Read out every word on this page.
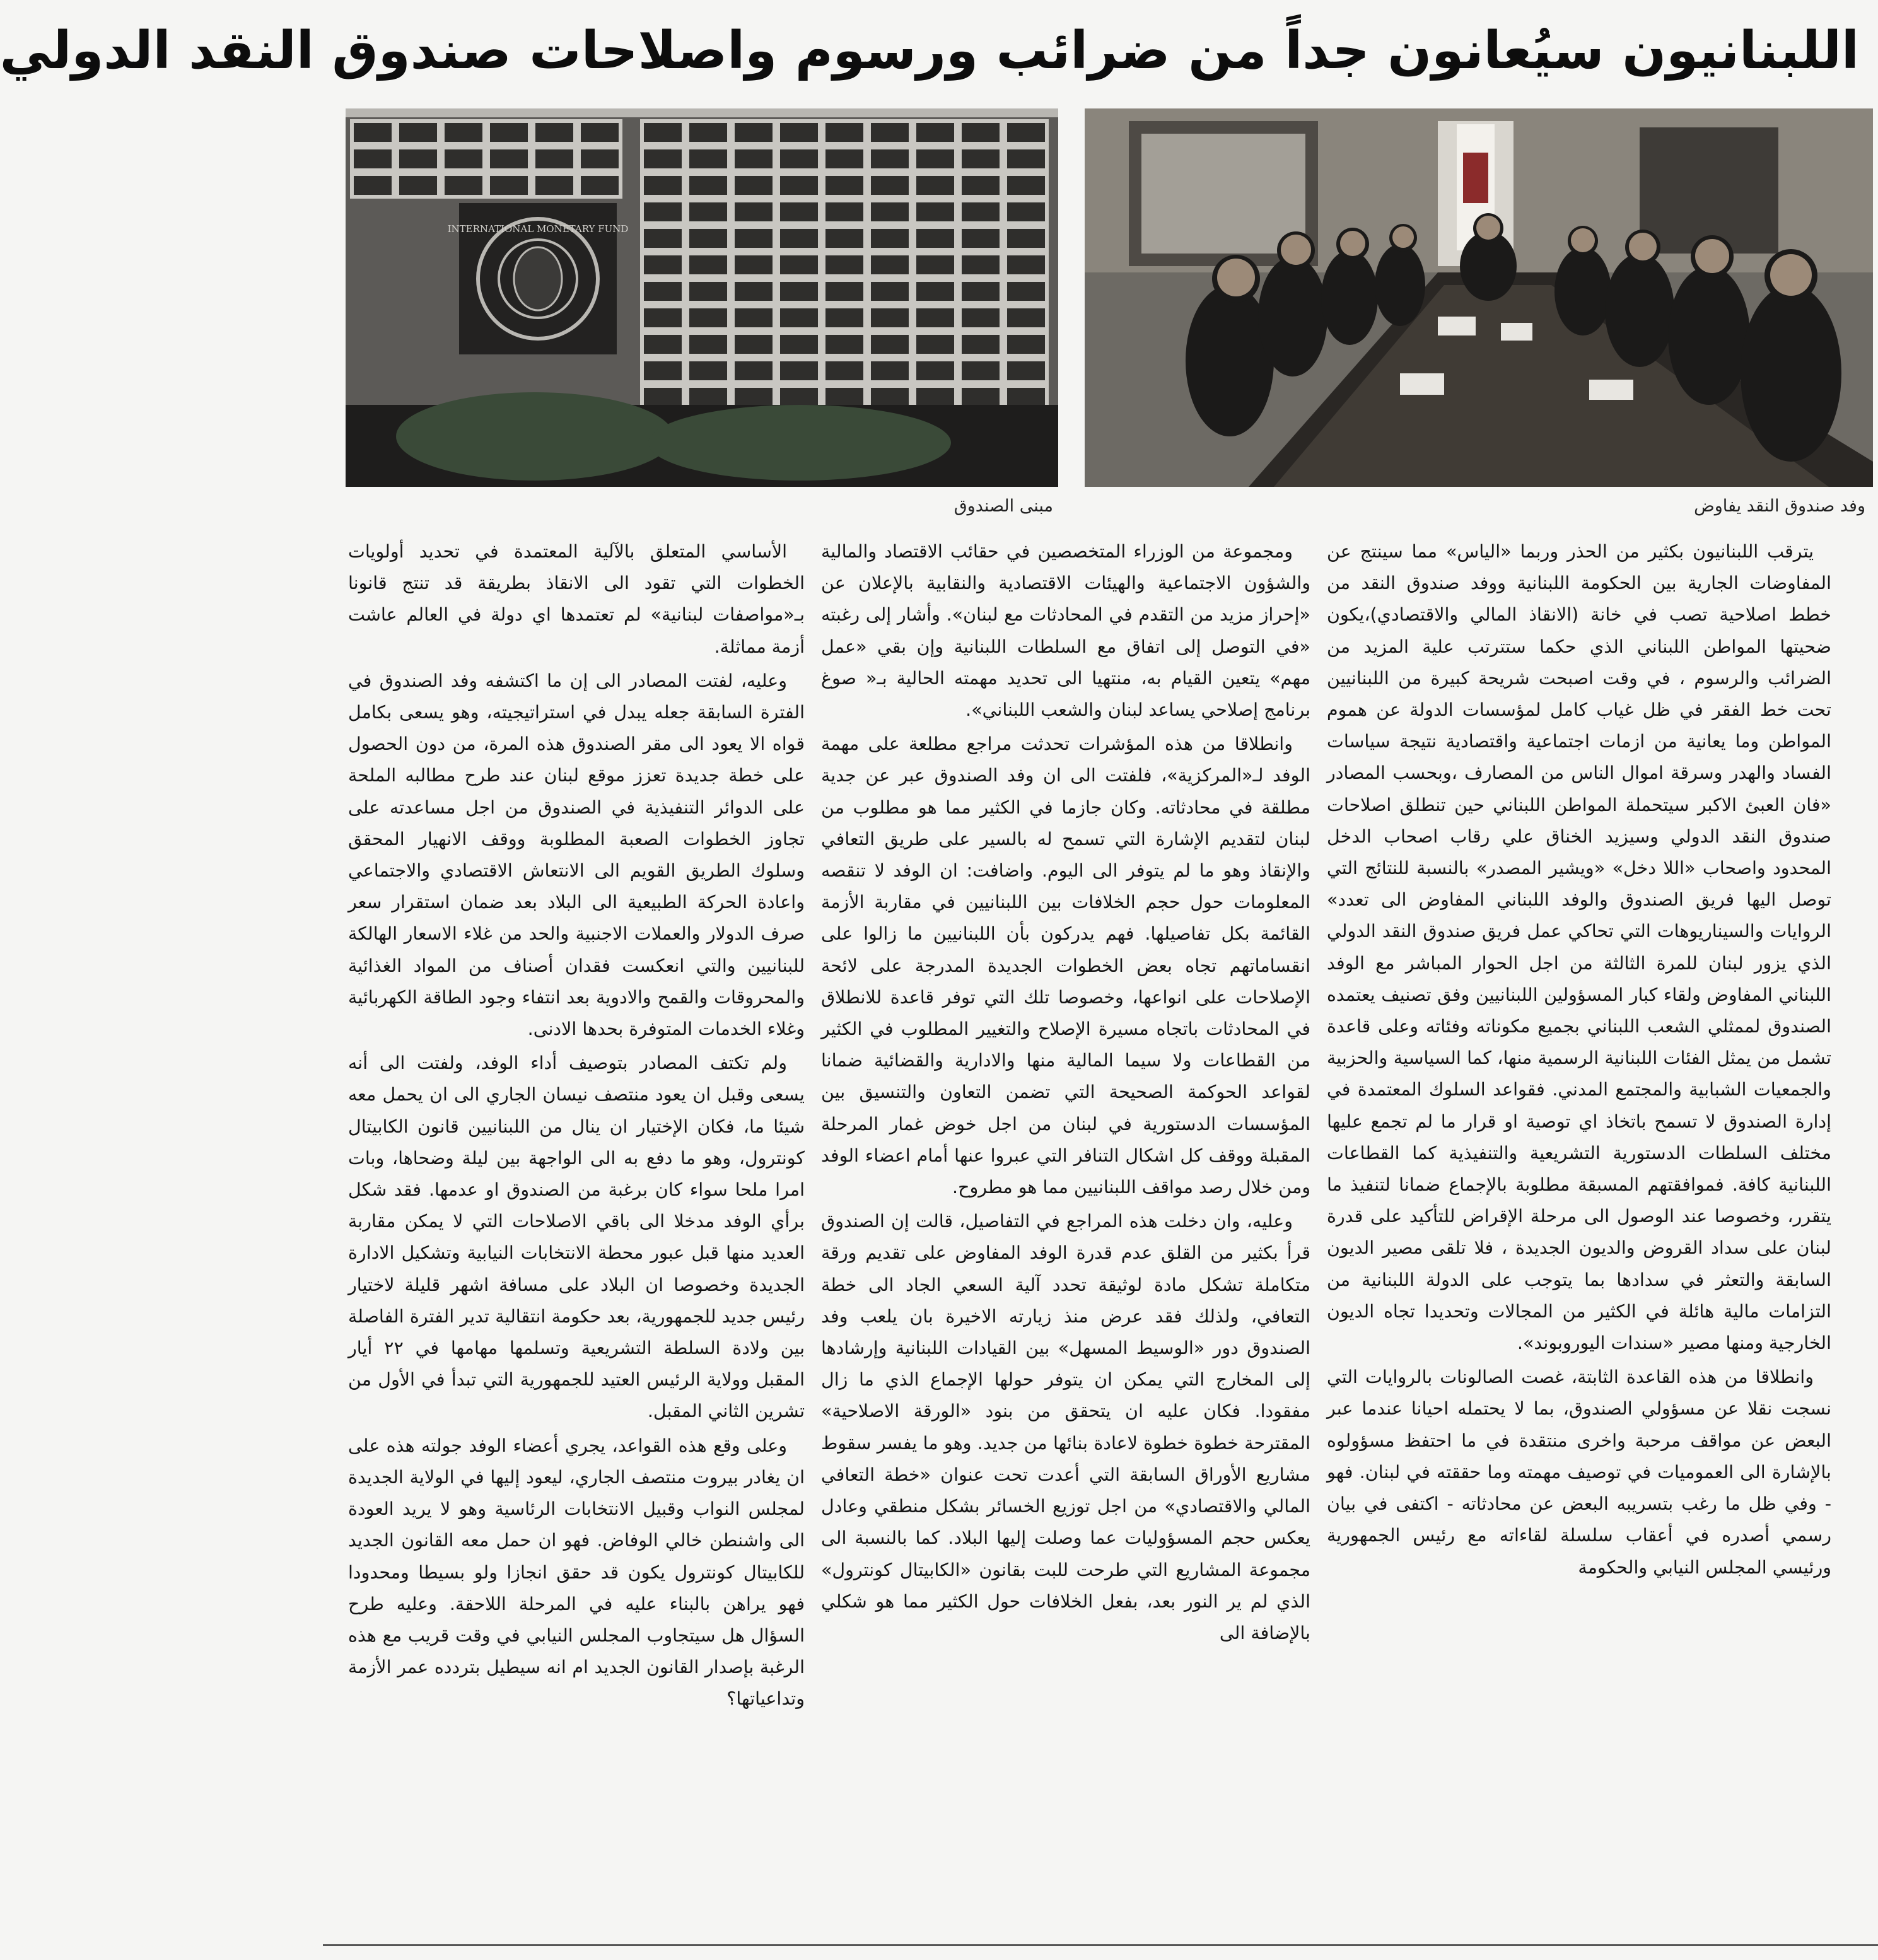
اللبنانيون سيُعانون جداً من ضرائب ورسوم واصلاحات صندوق النقد الدولي
INTERNATIONAL MONETARY FUND
وفد صندوق النقد يفاوض
مبنى الصندوق

يترقب اللبنانيون بكثير من الحذر وربما «الياس» مما سينتج عن المفاوضات الجارية بين الحكومة اللبنانية ووفد صندوق النقد من خطط اصلاحية تصب في خانة (الانقاذ المالي والاقتصادي)،يكون ضحيتها المواطن اللبناني الذي حكما ستترتب علية المزيد من الضرائب والرسوم ، في وقت اصبحت شريحة كبيرة من اللبنانيين تحت خط الفقر في ظل غياب كامل لمؤسسات الدولة عن هموم المواطن وما يعانية من ازمات اجتماعية واقتصادية نتيجة سياسات الفساد والهدر وسرقة اموال الناس من المصارف ،وبحسب المصادر «فان العبئ الاكبر سيتحملة المواطن اللبناني حين تنطلق اصلاحات صندوق النقد الدولي وسيزيد الخناق علي رقاب اصحاب الدخل المحدود واصحاب «اللا دخل» «ويشير المصدر» بالنسبة للنتائج التي توصل اليها فريق الصندوق والوفد اللبناني المفاوض الى تعدد» الروايات والسيناريوهات التي تحاكي عمل فريق صندوق النقد الدولي الذي يزور لبنان للمرة الثالثة من اجل الحوار المباشر مع الوفد اللبناني المفاوض ولقاء كبار المسؤولين اللبنانيين وفق تصنيف يعتمده الصندوق لممثلي الشعب اللبناني بجميع مكوناته وفئاته وعلى قاعدة تشمل من يمثل الفئات اللبنانية الرسمية منها، كما السياسية والحزبية والجمعيات الشبابية والمجتمع المدني. فقواعد السلوك المعتمدة في إدارة الصندوق لا تسمح باتخاذ اي توصية او قرار ما لم تجمع عليها مختلف السلطات الدستورية التشريعية والتنفيذية كما القطاعات اللبنانية كافة. فموافقتهم المسبقة مطلوبة بالإجماع ضمانا لتنفيذ ما يتقرر، وخصوصا عند الوصول الى مرحلة الإقراض للتأكيد على قدرة لبنان على سداد القروض والديون الجديدة ، فلا تلقى مصير الديون السابقة والتعثر في سدادها بما يتوجب على الدولة اللبنانية من التزامات مالية هائلة في الكثير من المجالات وتحديدا تجاه الديون الخارجية ومنها مصير «سندات اليوروبوند».

وانطلاقا من هذه القاعدة الثابتة، غصت الصالونات بالروايات التي نسجت نقلا عن مسؤولي الصندوق، بما لا يحتمله احيانا عندما عبر البعض عن مواقف مرحبة واخرى منتقدة في ما احتفظ مسؤولوه بالإشارة الى العموميات في توصيف مهمته وما حققته في لبنان. فهو - وفي ظل ما رغب بتسريبه البعض عن محادثاته - اكتفى في بيان رسمي أصدره في أعقاب سلسلة لقاءاته مع رئيس الجمهورية ورئيسي المجلس النيابي والحكومة

ومجموعة من الوزراء المتخصصين في حقائب الاقتصاد والمالية والشؤون الاجتماعية والهيئات الاقتصادية والنقابية بالإعلان عن «إحراز مزيد من التقدم في المحادثات مع لبنان». وأشار إلى رغبته «في التوصل إلى اتفاق مع السلطات اللبنانية وإن بقي «عمل مهم» يتعين القيام به، منتهيا الى تحديد مهمته الحالية بـ« صوغ برنامج إصلاحي يساعد لبنان والشعب اللبناني».

وانطلاقا من هذه المؤشرات تحدثت مراجع مطلعة على مهمة الوفد لـ«المركزية»، فلفتت الى ان وفد الصندوق عبر عن جدية مطلقة في محادثاته. وكان جازما في الكثير مما هو مطلوب من لبنان لتقديم الإشارة التي تسمح له بالسير على طريق التعافي والإنقاذ وهو ما لم يتوفر الى اليوم. واضافت: ان الوفد لا تنقصه المعلومات حول حجم الخلافات بين اللبنانيين في مقاربة الأزمة القائمة بكل تفاصيلها. فهم يدركون بأن اللبنانيين ما زالوا على انقساماتهم تجاه بعض الخطوات الجديدة المدرجة على لائحة الإصلاحات على انواعها، وخصوصا تلك التي توفر قاعدة للانطلاق في المحادثات باتجاه مسيرة الإصلاح والتغيير المطلوب في الكثير من القطاعات ولا سيما المالية منها والادارية والقضائية ضمانا لقواعد الحوكمة الصحيحة التي تضمن التعاون والتنسيق بين المؤسسات الدستورية في لبنان من اجل خوض غمار المرحلة المقبلة ووقف كل اشكال التنافر التي عبروا عنها أمام اعضاء الوفد ومن خلال رصد مواقف اللبنانيين مما هو مطروح.

وعليه، وان دخلت هذه المراجع في التفاصيل، قالت إن الصندوق قرأ بكثير من القلق عدم قدرة الوفد المفاوض على تقديم ورقة متكاملة تشكل مادة لوثيقة تحدد آلية السعي الجاد الى خطة التعافي، ولذلك فقد عرض منذ زيارته الاخيرة بان يلعب وفد الصندوق دور «الوسيط المسهل» بين القيادات اللبنانية وإرشادها إلى المخارج التي يمكن ان يتوفر حولها الإجماع الذي ما زال مفقودا. فكان عليه ان يتحقق من بنود «الورقة الاصلاحية» المقترحة خطوة خطوة لاعادة بنائها من جديد. وهو ما يفسر سقوط مشاريع الأوراق السابقة التي أعدت تحت عنوان «خطة التعافي المالي والاقتصادي» من اجل توزيع الخسائر بشكل منطقي وعادل يعكس حجم المسؤوليات عما وصلت إليها البلاد. كما بالنسبة الى مجموعة المشاريع التي طرحت للبت بقانون «الكابيتال كونترول» الذي لم ير النور بعد، بفعل الخلافات حول الكثير مما هو شكلي بالإضافة الى

الأساسي المتعلق بالآلية المعتمدة في تحديد أولويات الخطوات التي تقود الى الانقاذ بطريقة قد تنتج قانونا بـ«مواصفات لبنانية» لم تعتمدها اي دولة في العالم عاشت أزمة مماثلة.

وعليه، لفتت المصادر الى إن ما اكتشفه وفد الصندوق في الفترة السابقة جعله يبدل في استراتيجيته، وهو يسعى بكامل قواه الا يعود الى مقر الصندوق هذه المرة، من دون الحصول على خطة جديدة تعزز موقع لبنان عند طرح مطالبه الملحة على الدوائر التنفيذية في الصندوق من اجل مساعدته على تجاوز الخطوات الصعبة المطلوبة ووقف الانهيار المحقق وسلوك الطريق القويم الى الانتعاش الاقتصادي والاجتماعي واعادة الحركة الطبيعية الى البلاد بعد ضمان استقرار سعر صرف الدولار والعملات الاجنبية والحد من غلاء الاسعار الهالكة للبنانيين والتي انعكست فقدان أصناف من المواد الغذائية والمحروقات والقمح والادوية بعد انتفاء وجود الطاقة الكهربائية وغلاء الخدمات المتوفرة بحدها الادنى.

ولم تكتف المصادر بتوصيف أداء الوفد، ولفتت الى أنه يسعى وقبل ان يعود منتصف نيسان الجاري الى ان يحمل معه شيئا ما، فكان الإختيار ان ينال من اللبنانيين قانون الكابيتال كونترول، وهو ما دفع به الى الواجهة بين ليلة وضحاها، وبات امرا ملحا سواء كان برغبة من الصندوق او عدمها. فقد شكل برأي الوفد مدخلا الى باقي الاصلاحات التي لا يمكن مقاربة العديد منها قبل عبور محطة الانتخابات النيابية وتشكيل الادارة الجديدة وخصوصا ان البلاد على مسافة اشهر قليلة لاختيار رئيس جديد للجمهورية، بعد حكومة انتقالية تدير الفترة الفاصلة بين ولادة السلطة التشريعية وتسلمها مهامها في ٢٢ أيار المقبل وولاية الرئيس العتيد للجمهورية التي تبدأ في الأول من تشرين الثاني المقبل.

وعلى وقع هذه القواعد، يجري أعضاء الوفد جولته هذه على ان يغادر بيروت منتصف الجاري، ليعود إليها في الولاية الجديدة لمجلس النواب وقبيل الانتخابات الرئاسية وهو لا يريد العودة الى واشنطن خالي الوفاض. فهو ان حمل معه القانون الجديد للكابيتال كونترول يكون قد حقق انجازا ولو بسيطا ومحدودا فهو يراهن بالبناء عليه في المرحلة اللاحقة. وعليه طرح السؤال هل سيتجاوب المجلس النيابي في وقت قريب مع هذه الرغبة بإصدار القانون الجديد ام انه سيطيل بتردده عمر الأزمة وتداعياتها؟
